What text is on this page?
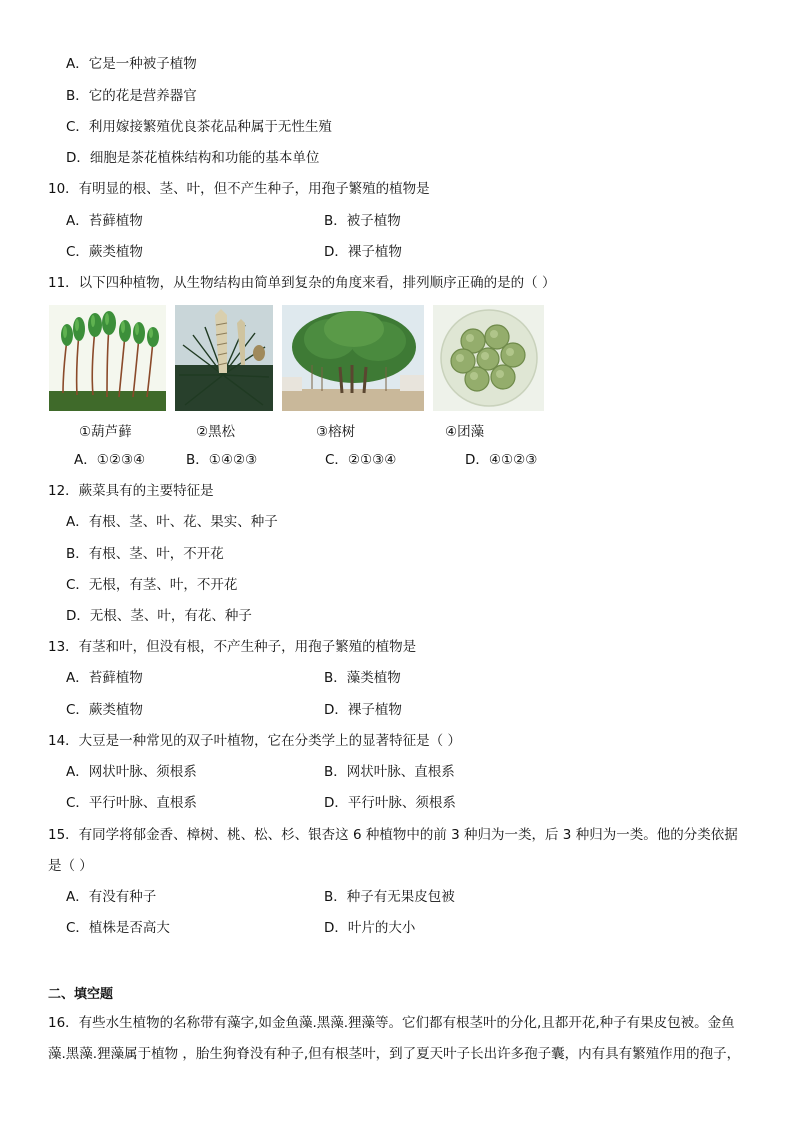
A．它是一种被子植物
B．它的花是营养器官
C．利用嫁接繁殖优良茶花品种属于无性生殖
D．细胞是茶花植株结构和功能的基本单位
10．有明显的根、茎、叶，但不产生种子，用孢子繁殖的植物是
A．苔藓植物	B．被子植物
C．蕨类植物	D．裸子植物
11．以下四种植物，从生物结构由简单到复杂的角度来看，排列顺序正确的是的（ ）
①葫芦藓	②黑松	③榕树	④团藻
A．①②③④	B．①④②③	C．②①③④	D．④①②③
12．蕨菜具有的主要特征是
A．有根、茎、叶、花、果实、种子
B．有根、茎、叶，不开花
C．无根，有茎、叶，不开花
D．无根、茎、叶，有花、种子
13．有茎和叶，但没有根，不产生种子，用孢子繁殖的植物是
A．苔藓植物	B．藻类植物
C．蕨类植物	D．裸子植物
14．大豆是一种常见的双子叶植物，它在分类学上的显著特征是（ ）
A．网状叶脉、须根系	B．网状叶脉、直根系
C．平行叶脉、直根系	D．平行叶脉、须根系
15．有同学将郁金香、樟树、桃、松、杉、银杏这 6 种植物中的前 3 种归为一类，后 3 种归为一类。他的分类依据
是（ ）
A．有没有种子	B．种子有无果皮包被
C．植株是否高大	D．叶片的大小
二、填空题
16．有些水生植物的名称带有藻字,如金鱼藻.黑藻.狸藻等。它们都有根茎叶的分化,且都开花,种子有果皮包被。金鱼
藻.黑藻.狸藻属于植物 ，胎生狗脊没有种子,但有根茎叶，到了夏天叶子长出许多孢子囊，内有具有繁殖作用的孢子，
